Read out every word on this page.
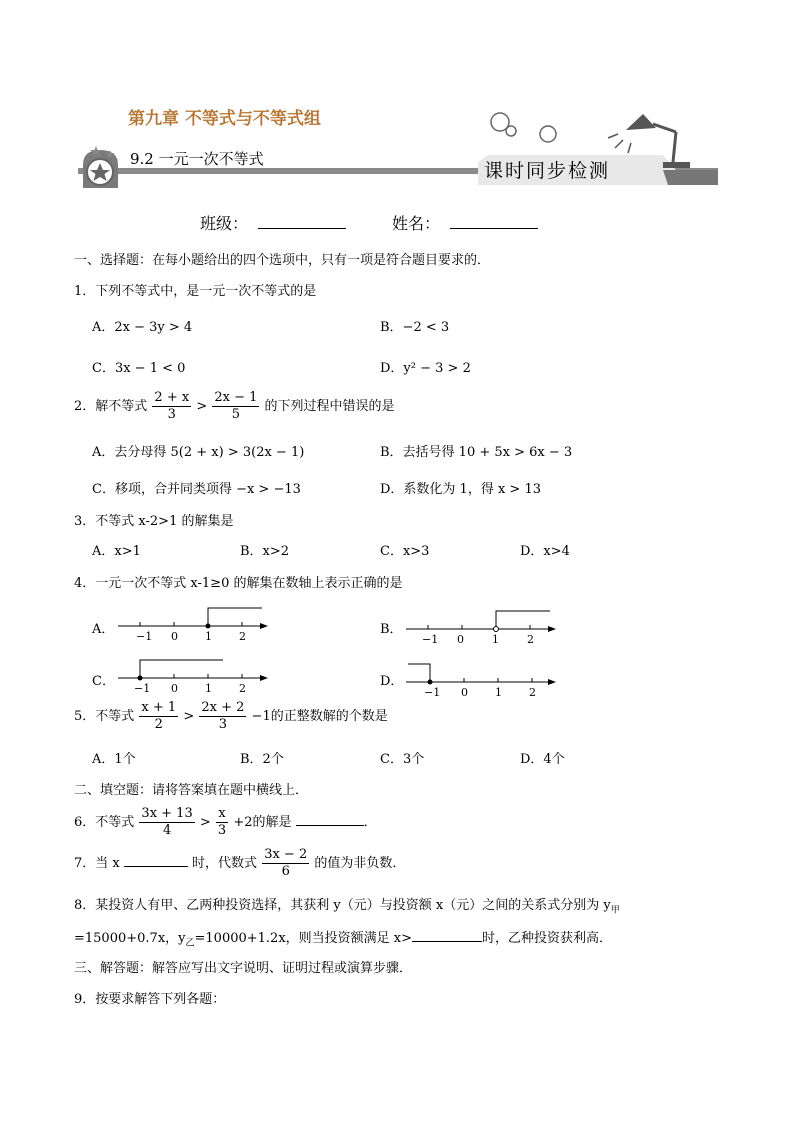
第九章 不等式与不等式组
9.2 一元一次不等式
课时同步检测
班级：	姓名：
一、选择题：在每小题给出的四个选项中，只有一项是符合题目要求的．
1．下列不等式中，是一元一次不等式的是
A．2x − 3y > 4	B．−2 < 3
C．3x − 1 < 0	D．y² − 3 > 2
2．解不等式 $\frac{2 + x}{3} > \frac{2x - 1}{5}$ 的下列过程中错误的是
A．去分母得 5(2 + x) > 3(2x − 1)	B．去括号得 10 + 5x > 6x − 3
C．移项，合并同类项得 −x > −13	D．系数化为 1，得 x > 13
3．不等式 x-2>1 的解集是
A．x>1	B．x>2	C．x>3	D．x>4
4．一元一次不等式 x-1≥0 的解集在数轴上表示正确的是
A． −1 0 1 2	B．
−1 0	1	2
C． −1 0 1 2	D．
−1 0 1 2
5．不等式 $\frac{x + 1}{2} > \frac{2x + 2}{3} -1$的正整数解的个数是
A．1个	B．2个	C．3个	D．4个
二、填空题：请将答案填在题中横线上．
6．不等式 $\frac{3x + 13}{4} > \frac{x}{3} +2$的解是	．
7．当 x	时，代数式 $\frac{3x - 2}{6}$ 的值为非负数．
8．某投资人有甲、乙两种投资选择，其获利 y（元）与投资额 x（元）之间的关系式分别为 $y_甲$
=15000+0.7x，$y_乙=10000+1.2x$，则当投资额满足 x>	时，乙种投资获利高．
三、解答题：解答应写出文字说明、证明过程或演算步骤．
9．按要求解答下列各题：
